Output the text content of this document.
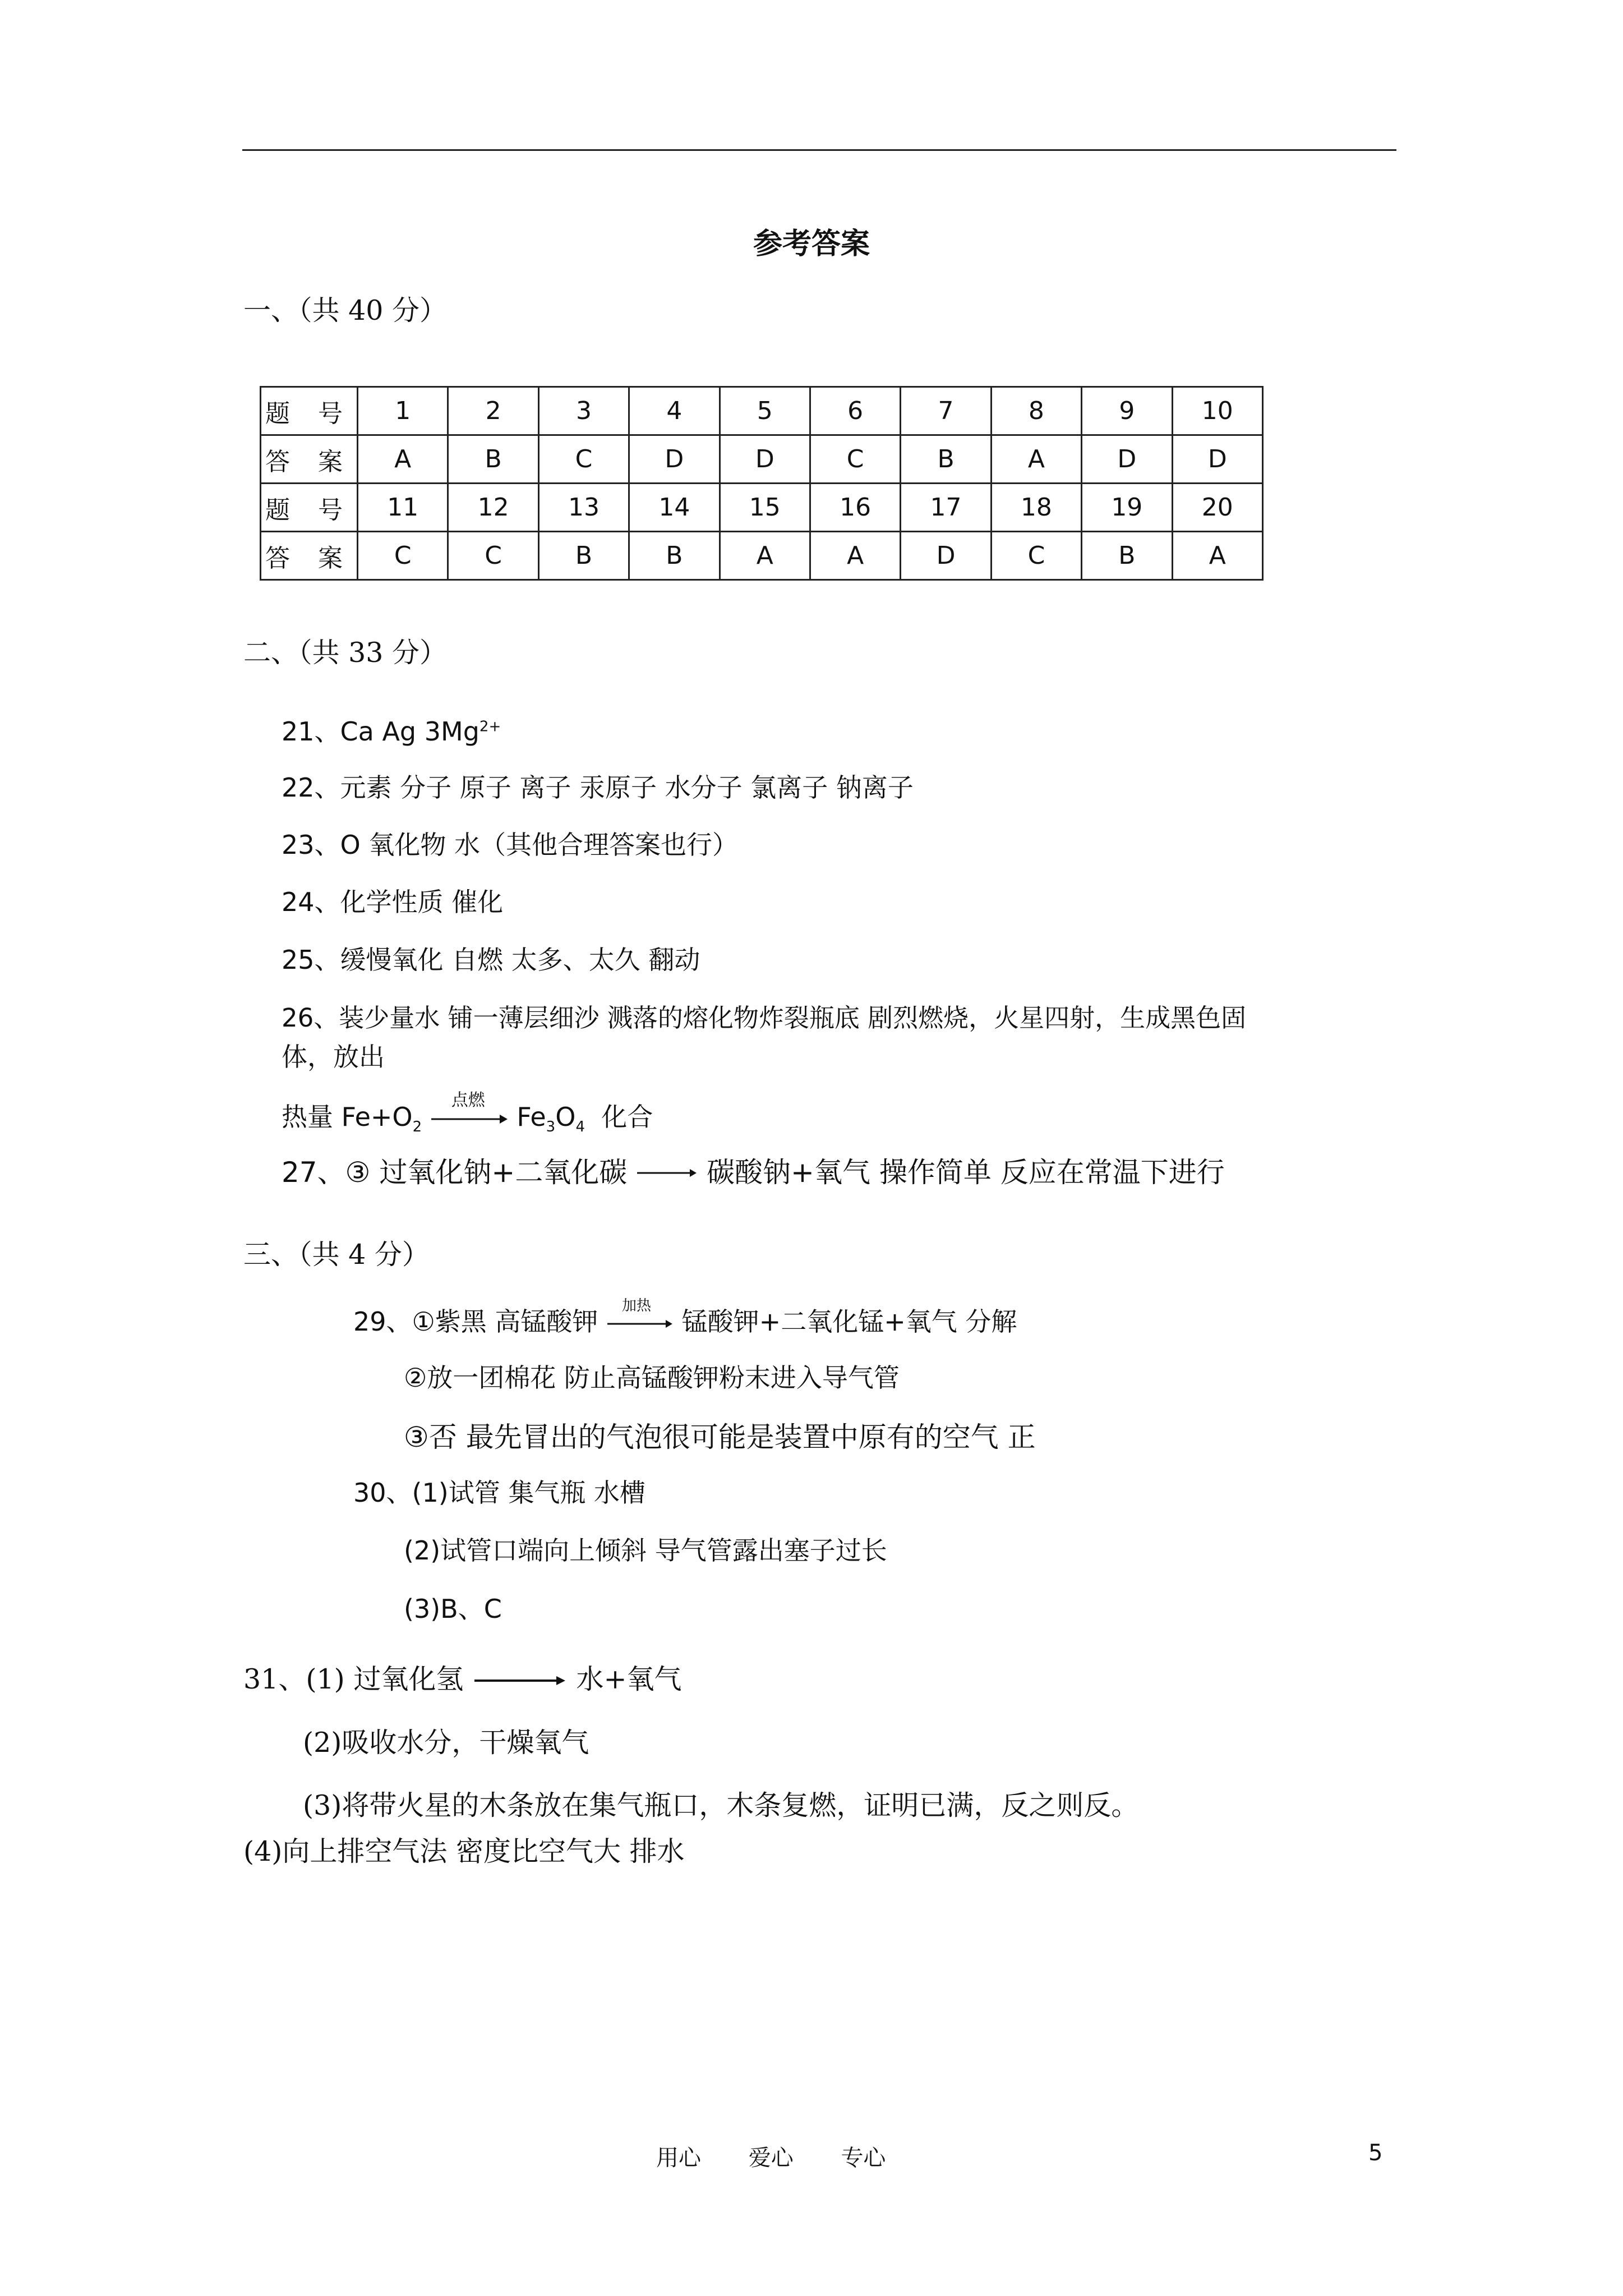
参考答案
一、（共 40 分）
题 号	1	2	3	4	5	6	7	8	9	10
答 案	A	B	C	D	D	C	B	A	D	D
题 号	11	12	13	14	15	16	17	18	19	20
答 案	C	C	B	B	A	A	D	C	B	A
二、（共 33 分）
21、Ca Ag $3Mg^{2+}$
22、元素 分子 原子 离子 汞原子 水分子 氯离子 钠离子
23、O 氧化物 水（其他合理答案也行）
24、化学性质 催化
25、缓慢氧化 自燃 太多、太久 翻动
26、装少量水 铺一薄层细沙 溅落的熔化物炸裂瓶底 剧烈燃烧，火星四射，生成黑色固
体，放出
热量 $Fe+O_2$
点燃
$Fe_3O_4$  化合
27、③ 过氧化钠+二氧化碳 → 碳酸钠+氧气 操作简单 反应在常温下进行
三、（共 4 分）
29、①紫黑 高锰酸钾
加热
锰酸钾+二氧化锰+氧气 分解
②放一团棉花 防止高锰酸钾粉末进入导气管
③否 最先冒出的气泡很可能是装置中原有的空气 正
30、(1)试管 集气瓶 水槽
(2)试管口端向上倾斜 导气管露出塞子过长
(3)B、C
31、(1) 过氧化氢 → 水+氧气
(2)吸收水分，干燥氧气
(3)将带火星的木条放在集气瓶口，木条复燃，证明已满，反之则反。
(4)向上排空气法 密度比空气大 排水
用心 爱心 专心	5
